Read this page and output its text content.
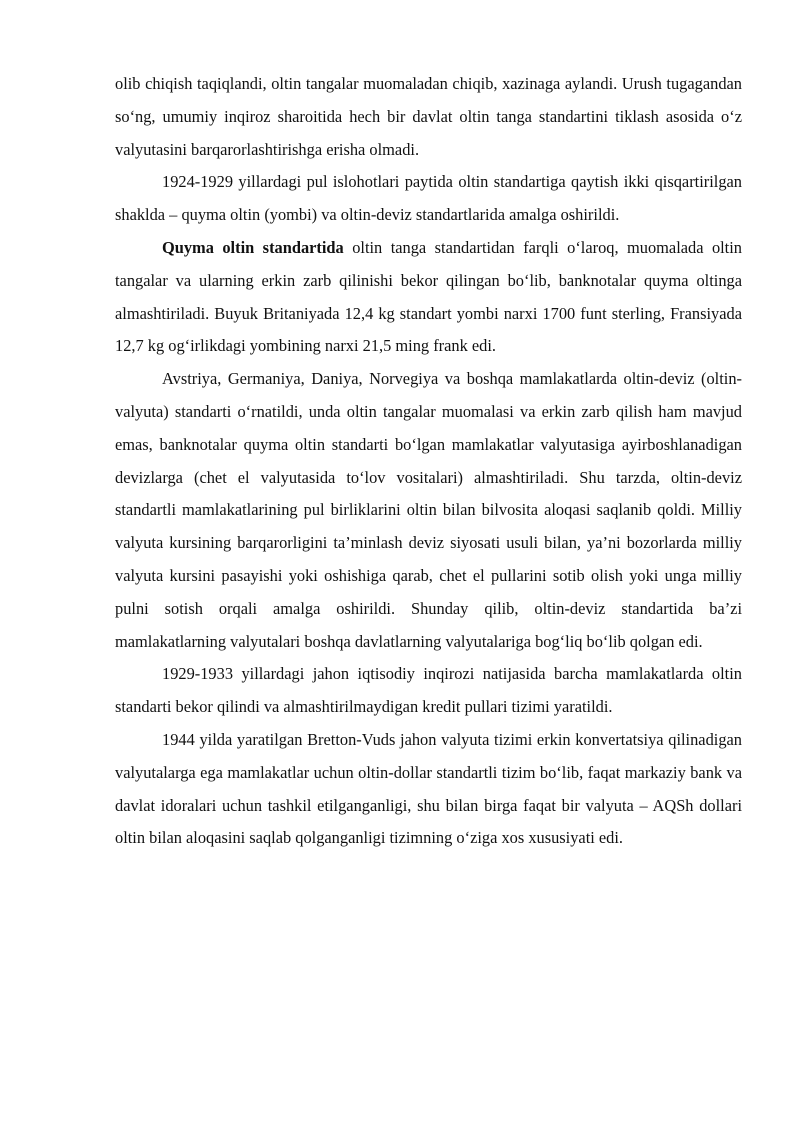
olib chiqish taqiqlandi, oltin tangalar muomaladan chiqib, xazinaga aylandi. Urush tugagandan so‘ng, umumiy inqiroz sharoitida hech bir davlat oltin tanga standartini tiklash asosida o‘z valyutasini barqarorlashtirishga erisha olmadi.

1924-1929 yillardagi pul islohotlari paytida oltin standartiga qaytish ikki qisqartirilgan shaklda – quyma oltin (yombi) va oltin-deviz standartlarida amalga oshirildi.

Quyma oltin standartida oltin tanga standartidan farqli o‘laroq, muomalada oltin tangalar va ularning erkin zarb qilinishi bekor qilingan bo‘lib, banknotalar quyma oltinga almashtiriladi. Buyuk Britaniyada 12,4 kg standart yombi narxi 1700 funt sterling, Fransiyada 12,7 kg og‘irlikdagi yombining narxi 21,5 ming frank edi.

Avstriya, Germaniya, Daniya, Norvegiya va boshqa mamlakatlarda oltin-deviz (oltin-valyuta) standarti o‘rnatildi, unda oltin tangalar muomalasi va erkin zarb qilish ham mavjud emas, banknotalar quyma oltin standarti bo‘lgan mamlakatlar valyutasiga ayirboshlanadigan devizlarga (chet el valyutasida to‘lov vositalari) almashtiriladi. Shu tarzda, oltin-deviz standartli mamlakatlarining pul birliklarini oltin bilan bilvosita aloqasi saqlanib qoldi. Milliy valyuta kursining barqarorligini ta’minlash deviz siyosati usuli bilan, ya’ni bozorlarda milliy valyuta kursini pasayishi yoki oshishiga qarab, chet el pullarini sotib olish yoki unga milliy pulni sotish orqali amalga oshirildi. Shunday qilib, oltin-deviz standartida ba’zi mamlakatlarning valyutalari boshqa davlatlarning valyutalariga bog‘liq bo‘lib qolgan edi.

1929-1933 yillardagi jahon iqtisodiy inqirozi natijasida barcha mamlakatlarda oltin standarti bekor qilindi va almashtirilmaydigan kredit pullari tizimi yaratildi.

1944 yilda yaratilgan Bretton-Vuds jahon valyuta tizimi erkin konvertatsiya qilinadigan valyutalarga ega mamlakatlar uchun oltin-dollar standartli tizim bo‘lib, faqat markaziy bank va davlat idoralari uchun tashkil etilganganligi, shu bilan birga faqat bir valyuta – AQSh dollari oltin bilan aloqasini saqlab qolganganligi tizimning o‘ziga xos xususiyati edi.
